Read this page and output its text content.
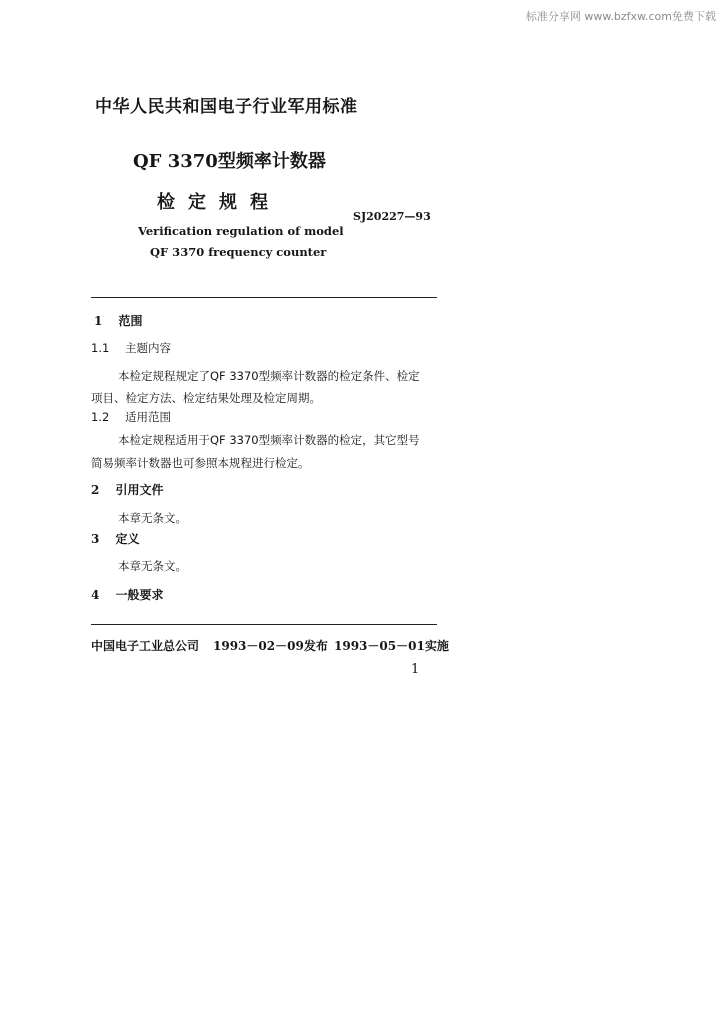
标准分享网 www.bzfxw.com免费下载
中华人民共和国电子行业军用标准
QF 3370型频率计数器
检定规程
SJ20227—93
Verification regulation of model
QF 3370 frequency counter
1 范围
1.1 主题内容
本检定规程规定了QF 3370型频率计数器的检定条件、检定
项目、检定方法、检定结果处理及检定周期。
1.2 适用范围
本检定规程适用于QF 3370型频率计数器的检定，其它型号
简易频率计数器也可参照本规程进行检定。
2 引用文件
本章无条文。
3 定义
本章无条文。
4 一般要求
中国电子工业总公司 1993－02－09发布 1993－05－01实施
1
